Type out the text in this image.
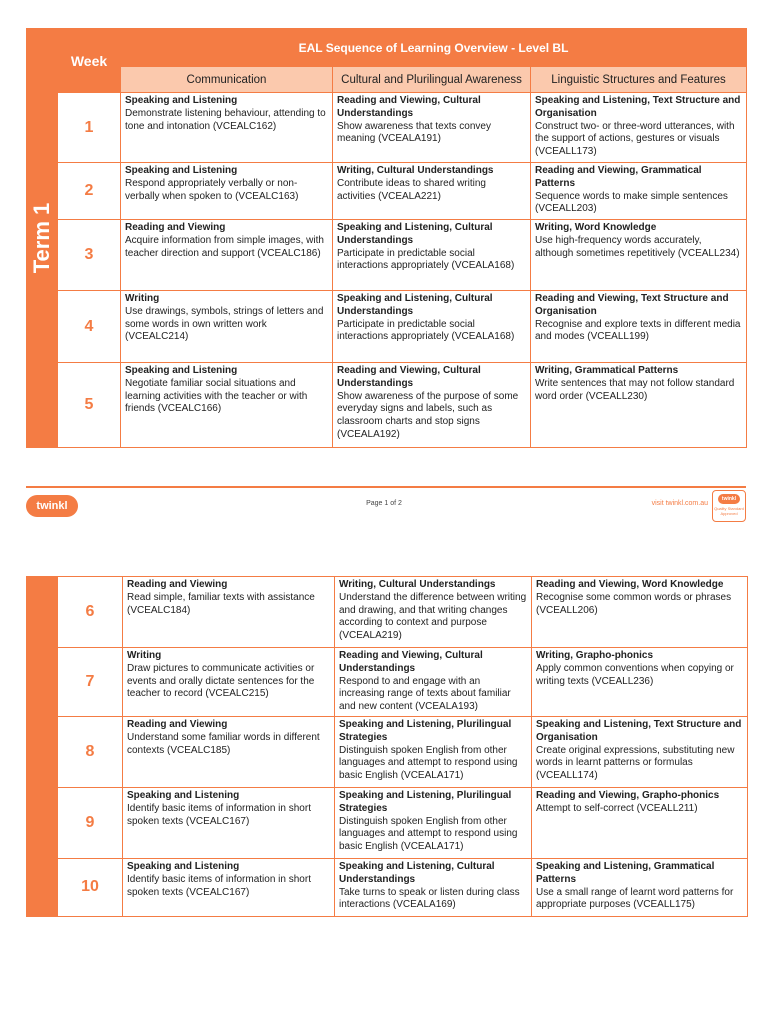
Term 1	Week	EAL Sequence of Learning Overview - Level BL		
		Communication	Cultural and Plurilingual Awareness	Linguistic Structures and Features
	1	Speaking and Listening
Demonstrate listening behaviour, attending to tone and intonation (VCEALC162)	Reading and Viewing, Cultural Understandings
Show awareness that texts convey meaning (VCEALA191)	Speaking and Listening, Text Structure and Organisation
Construct two- or three-word utterances, with the support of actions, gestures or visuals (VCEALL173)
	2	Speaking and Listening
Respond appropriately verbally or non-verbally when spoken to (VCEALC163)	Writing, Cultural Understandings
Contribute ideas to shared writing activities (VCEALA221)	Reading and Viewing, Grammatical Patterns
Sequence words to make simple sentences (VCEALL203)
	3	Reading and Viewing
Acquire information from simple images, with teacher direction and support (VCEALC186)	Speaking and Listening, Cultural Understandings
Participate in predictable social interactions appropriately (VCEALA168)	Writing, Word Knowledge
Use high-frequency words accurately, although sometimes repetitively (VCEALL234)
	4	Writing
Use drawings, symbols, strings of letters and some words in own written work (VCEALC214)	Speaking and Listening, Cultural Understandings
Participate in predictable social interactions appropriately (VCEALA168)	Reading and Viewing, Text Structure and Organisation
Recognise and explore texts in different media and modes (VCEALL199)
	5	Speaking and Listening
Negotiate familiar social situations and learning activities with the teacher or with friends (VCEALC166)	Reading and Viewing, Cultural Understandings
Show awareness of the purpose of some everyday signs and labels, such as classroom charts and stop signs (VCEALA192)	Writing, Grammatical Patterns
Write sentences that may not follow standard word order (VCEALL230)
twinkl	Page 1 of 2	visit twinkl.com.au
twinkl
Quality Standard Approved
	6	Reading and Viewing
Read simple, familiar texts with assistance (VCEALC184)	Writing, Cultural Understandings
Understand the difference between writing and drawing, and that writing changes according to context and purpose (VCEALA219)	Reading and Viewing, Word Knowledge
Recognise some common words or phrases (VCEALL206)
	7	Writing
Draw pictures to communicate activities or events and orally dictate sentences for the teacher to record (VCEALC215)	Reading and Viewing, Cultural Understandings
Respond to and engage with an increasing range of texts about familiar and new content (VCEALA193)	Writing, Grapho-phonics
Apply common conventions when copying or writing texts (VCEALL236)
	8	Reading and Viewing
Understand some familiar words in different contexts (VCEALC185)	Speaking and Listening, Plurilingual Strategies
Distinguish spoken English from other languages and attempt to respond using basic English (VCEALA171)	Speaking and Listening, Text Structure and Organisation
Create original expressions, substituting new words in learnt patterns or formulas (VCEALL174)
	9	Speaking and Listening
Identify basic items of information in short spoken texts (VCEALC167)	Speaking and Listening, Plurilingual Strategies
Distinguish spoken English from other languages and attempt to respond using basic English (VCEALA171)	Reading and Viewing, Grapho-phonics
Attempt to self-correct (VCEALL211)
	10	Speaking and Listening
Identify basic items of information in short spoken texts (VCEALC167)	Speaking and Listening, Cultural Understandings
Take turns to speak or listen during class interactions (VCEALA169)	Speaking and Listening, Grammatical Patterns
Use a small range of learnt word patterns for appropriate purposes (VCEALL175)
